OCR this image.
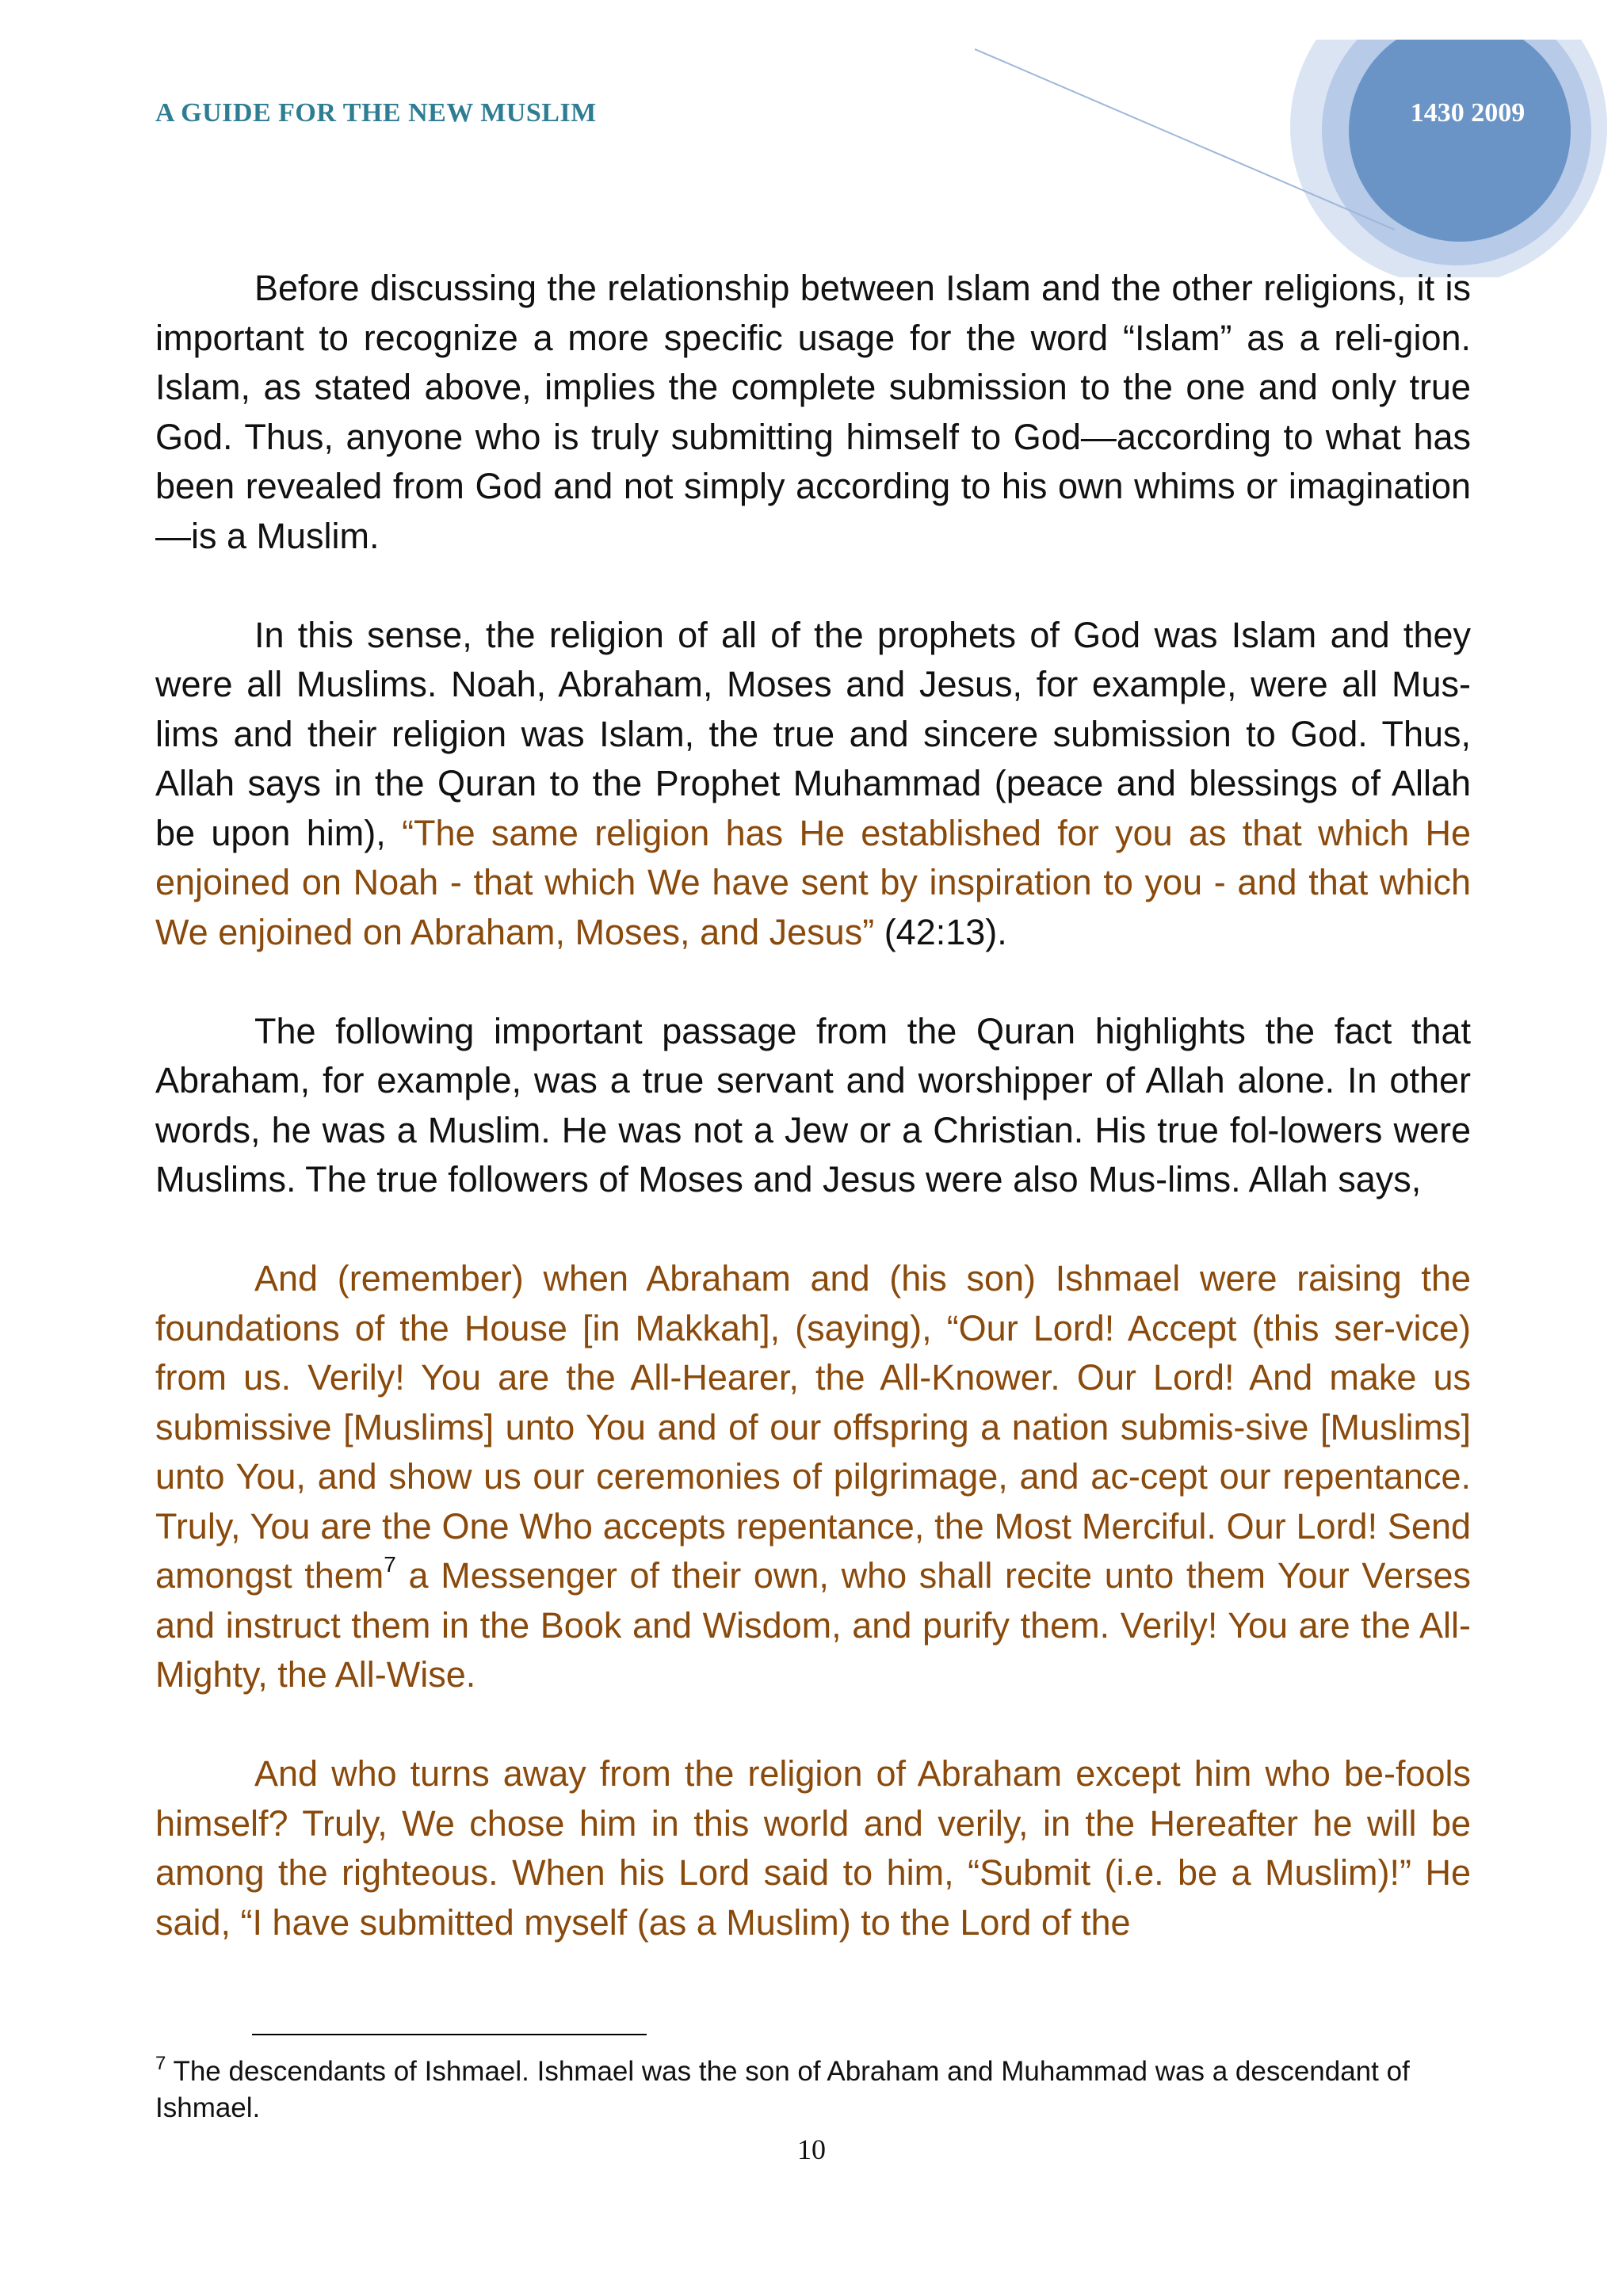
A GUIDE FOR THE NEW MUSLIM	1430 2009

Before discussing the relationship between Islam and the other religions, it is important to recognize a more specific usage for the word “Islam” as a reli-gion. Islam, as stated above, implies the complete submission to the one and only true God. Thus, anyone who is truly submitting himself to God—according to what has been revealed from God and not simply according to his own whims or imagination—is a Muslim.

In this sense, the religion of all of the prophets of God was Islam and they were all Muslims. Noah, Abraham, Moses and Jesus, for example, were all Mus-lims and their religion was Islam, the true and sincere submission to God. Thus, Allah says in the Quran to the Prophet Muhammad (peace and blessings of Allah be upon him), “The same religion has He established for you as that which He enjoined on Noah - that which We have sent by inspiration to you - and that which We enjoined on Abraham, Moses, and Jesus” (42:13).

The following important passage from the Quran highlights the fact that Abraham, for example, was a true servant and worshipper of Allah alone. In other words, he was a Muslim. He was not a Jew or a Christian. His true fol-lowers were Muslims. The true followers of Moses and Jesus were also Mus-lims. Allah says,

And (remember) when Abraham and (his son) Ishmael were raising the foundations of the House [in Makkah], (saying), “Our Lord! Accept (this ser-vice) from us. Verily! You are the All-Hearer, the All-Knower. Our Lord! And make us submissive [Muslims] unto You and of our offspring a nation submis-sive [Muslims] unto You, and show us our ceremonies of pilgrimage, and ac-cept our repentance. Truly, You are the One Who accepts repentance, the Most Merciful. Our Lord! Send amongst them$^7$ a Messenger of their own, who shall recite unto them Your Verses and instruct them in the Book and Wisdom, and purify them. Verily! You are the All-Mighty, the All-Wise.

And who turns away from the religion of Abraham except him who be-fools himself? Truly, We chose him in this world and verily, in the Hereafter he will be among the righteous. When his Lord said to him, “Submit (i.e. be a Muslim)!” He said, “I have submitted myself (as a Muslim) to the Lord of the

$^7$ The descendants of Ishmael. Ishmael was the son of Abraham and Muhammad was a descendant of Ishmael.
10
